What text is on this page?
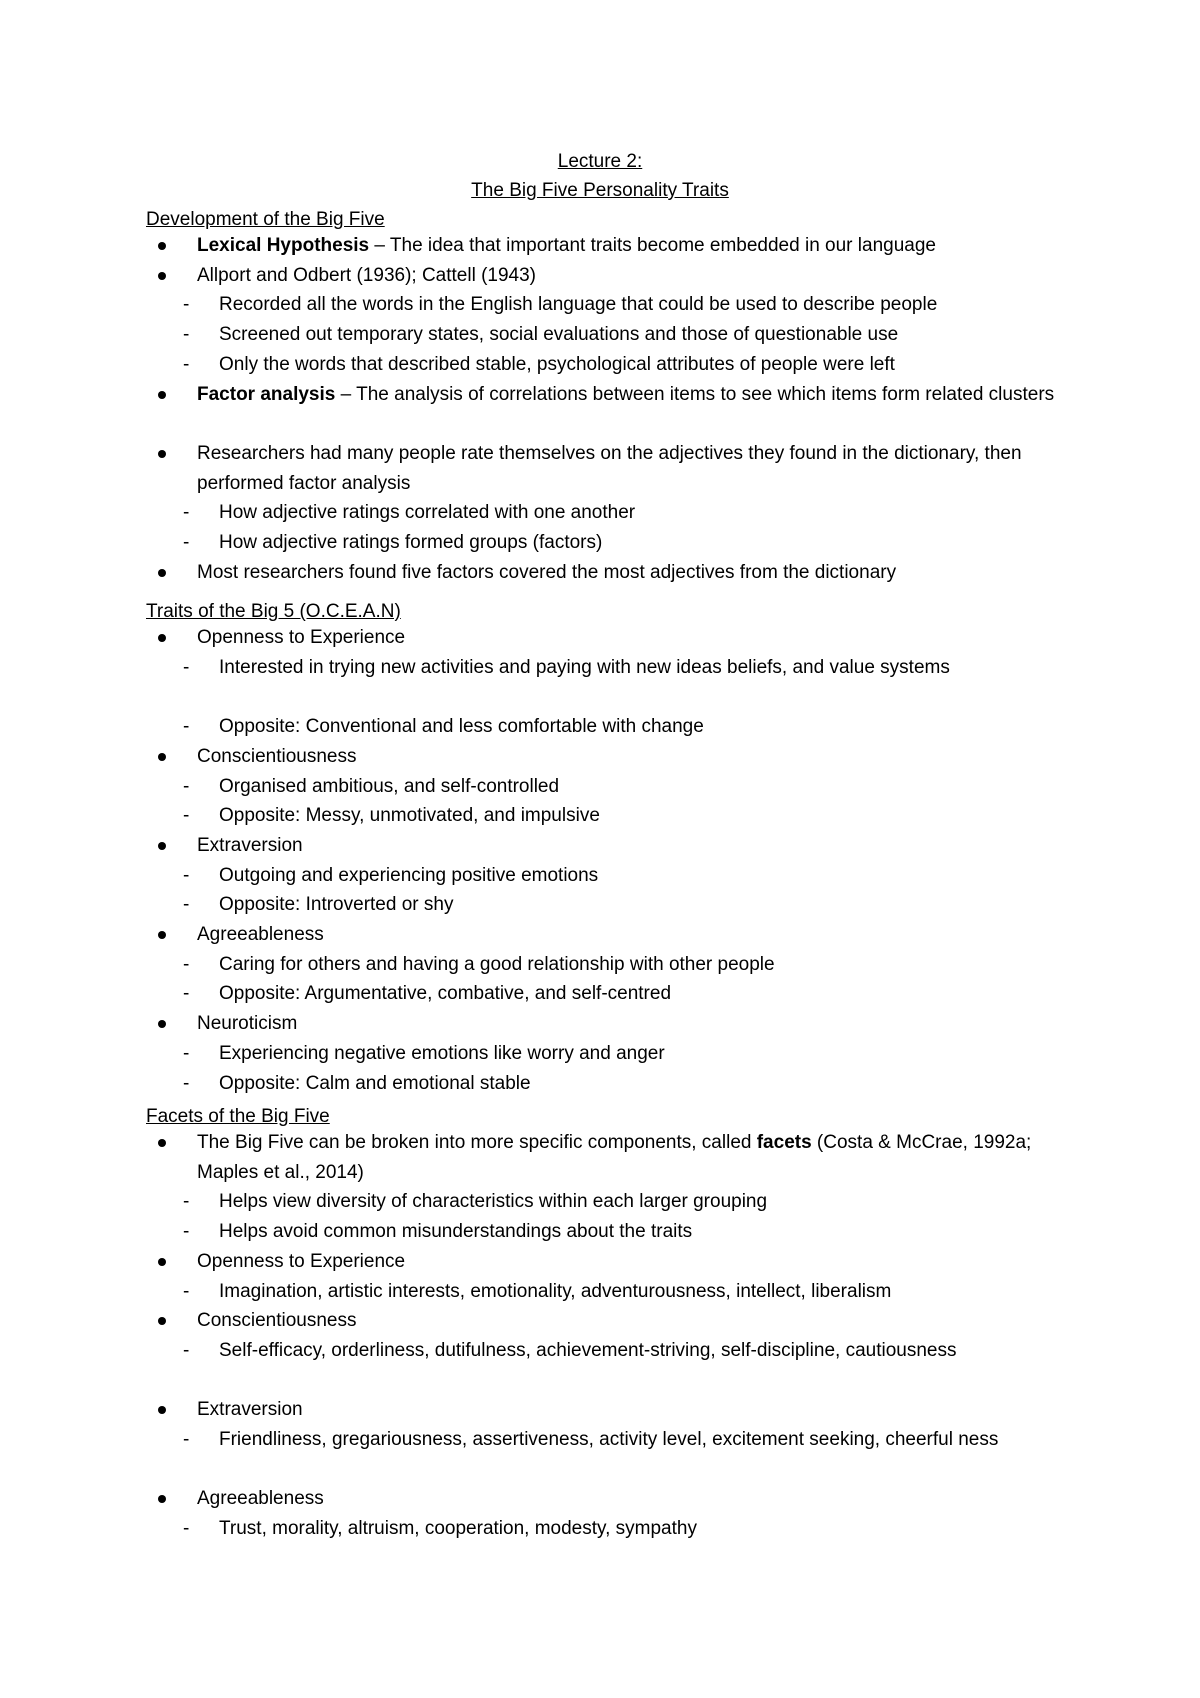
Lecture 2:
The Big Five Personality Traits
Development of the Big Five
Lexical Hypothesis – The idea that important traits become embedded in our language
Allport and Odbert (1936); Cattell (1943)
- Recorded all the words in the English language that could be used to describe people
- Screened out temporary states, social evaluations and those of questionable use
- Only the words that described stable, psychological attributes of people were left
Factor analysis – The analysis of correlations between items to see which items form related clusters
Researchers had many people rate themselves on the adjectives they found in the dictionary, then performed factor analysis
- How adjective ratings correlated with one another
- How adjective ratings formed groups (factors)
Most researchers found five factors covered the most adjectives from the dictionary
Traits of the Big 5 (O.C.E.A.N)
Openness to Experience
- Interested in trying new activities and paying with new ideas beliefs, and value systems
- Opposite: Conventional and less comfortable with change
Conscientiousness
- Organised ambitious, and self-controlled
- Opposite: Messy, unmotivated, and impulsive
Extraversion
- Outgoing and experiencing positive emotions
- Opposite: Introverted or shy
Agreeableness
- Caring for others and having a good relationship with other people
- Opposite: Argumentative, combative, and self-centred
Neuroticism
- Experiencing negative emotions like worry and anger
- Opposite: Calm and emotional stable
Facets of the Big Five
The Big Five can be broken into more specific components, called facets (Costa & McCrae, 1992a; Maples et al., 2014)
- Helps view diversity of characteristics within each larger grouping
- Helps avoid common misunderstandings about the traits
Openness to Experience
- Imagination, artistic interests, emotionality, adventurousness, intellect, liberalism
Conscientiousness
- Self-efficacy, orderliness, dutifulness, achievement-striving, self-discipline, cautiousness
Extraversion
- Friendliness, gregariousness, assertiveness, activity level, excitement seeking, cheerful ness
Agreeableness
- Trust, morality, altruism, cooperation, modesty, sympathy
